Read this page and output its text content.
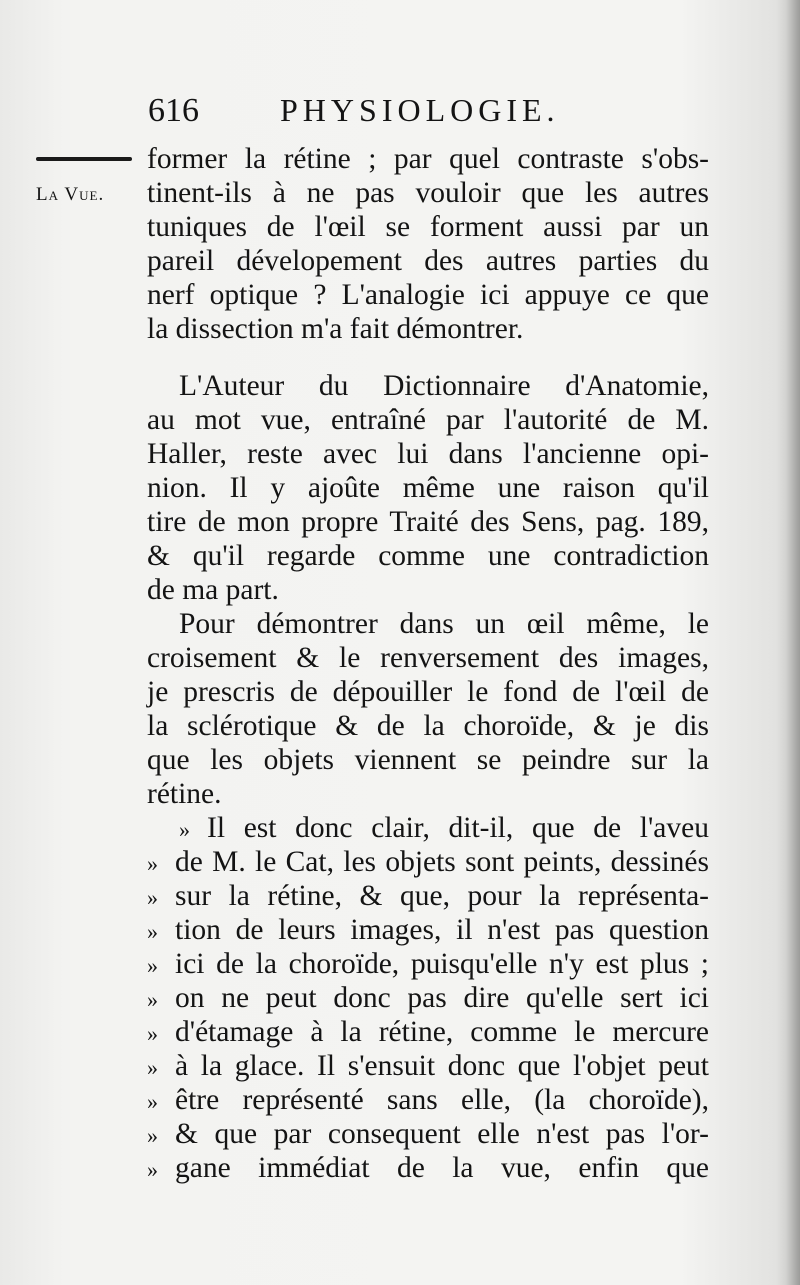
616	PHYSIOLOGIE.
La Vue.
former la rétine ; par quel contraste s'obs-
tinent-ils à ne pas vouloir que les autres
tuniques de l'œil se forment aussi par un
pareil dévelopement des autres parties du
nerf optique ? L'analogie ici appuye ce que
la dissection m'a fait démontrer.
L'Auteur du Dictionnaire d'Anatomie,
au mot vue, entraîné par l'autorité de M.
Haller, reste avec lui dans l'ancienne opi-
nion. Il y ajoûte même une raison qu'il
tire de mon propre Traité des Sens, pag. 189,
& qu'il regarde comme une contradiction
de ma part.
Pour démontrer dans un œil même, le
croisement & le renversement des images,
je prescris de dépouiller le fond de l'œil de
la sclérotique & de la choroïde, & je dis
que les objets viennent se peindre sur la
rétine.
» Il est donc clair, dit-il, que de l'aveu
» de M. le Cat, les objets sont peints, dessinés
» sur la rétine, & que, pour la représenta-
» tion de leurs images, il n'est pas question
» ici de la choroïde, puisqu'elle n'y est plus ;
» on ne peut donc pas dire qu'elle sert ici
» d'étamage à la rétine, comme le mercure
» à la glace. Il s'ensuit donc que l'objet peut
» être représenté sans elle, (la choroïde),
» & que par consequent elle n'est pas l'or-
» gane immédiat de la vue, enfin que
